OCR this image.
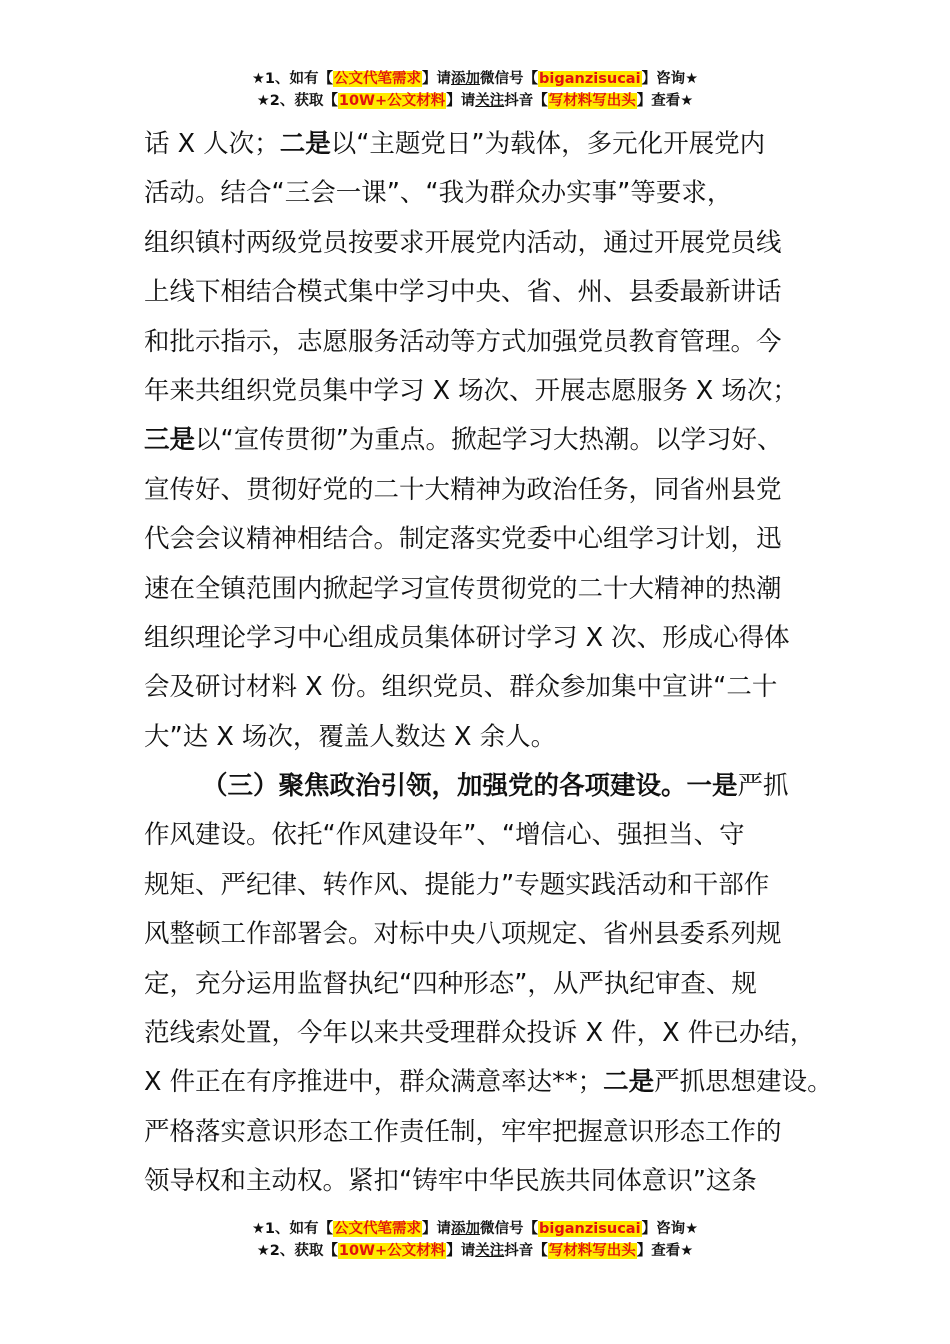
★1、如有【公文代笔需求】请添加微信号【biganzisucai】咨询★
★2、获取【10W+公文材料】请关注抖音【写材料写出头】查看★
话 X 人次；二是以“主题党日”为载体，多元化开展党内
活动。结合“三会一课”、“我为群众办实事”等要求，
组织镇村两级党员按要求开展党内活动，通过开展党员线
上线下相结合模式集中学习中央、省、州、县委最新讲话
和批示指示，志愿服务活动等方式加强党员教育管理。今
年来共组织党员集中学习 X 场次、开展志愿服务 X 场次；
三是以“宣传贯彻”为重点。掀起学习大热潮。以学习好、
宣传好、贯彻好党的二十大精神为政治任务，同省州县党
代会会议精神相结合。制定落实党委中心组学习计划，迅
速在全镇范围内掀起学习宣传贯彻党的二十大精神的热潮
组织理论学习中心组成员集体研讨学习 X 次、形成心得体
会及研讨材料 X 份。组织党员、群众参加集中宣讲“二十
大”达 X 场次，覆盖人数达 X 余人。
（三）聚焦政治引领，加强党的各项建设。一是严抓
作风建设。依托“作风建设年”、“增信心、强担当、守
规矩、严纪律、转作风、提能力”专题实践活动和干部作
风整顿工作部署会。对标中央八项规定、省州县委系列规
定，充分运用监督执纪“四种形态”，从严执纪审查、规
范线索处置，今年以来共受理群众投诉 X 件，X 件已办结，
X 件正在有序推进中，群众满意率达**；二是严抓思想建设。
严格落实意识形态工作责任制，牢牢把握意识形态工作的
领导权和主动权。紧扣“铸牢中华民族共同体意识”这条
★1、如有【公文代笔需求】请添加微信号【biganzisucai】咨询★
★2、获取【10W+公文材料】请关注抖音【写材料写出头】查看★
